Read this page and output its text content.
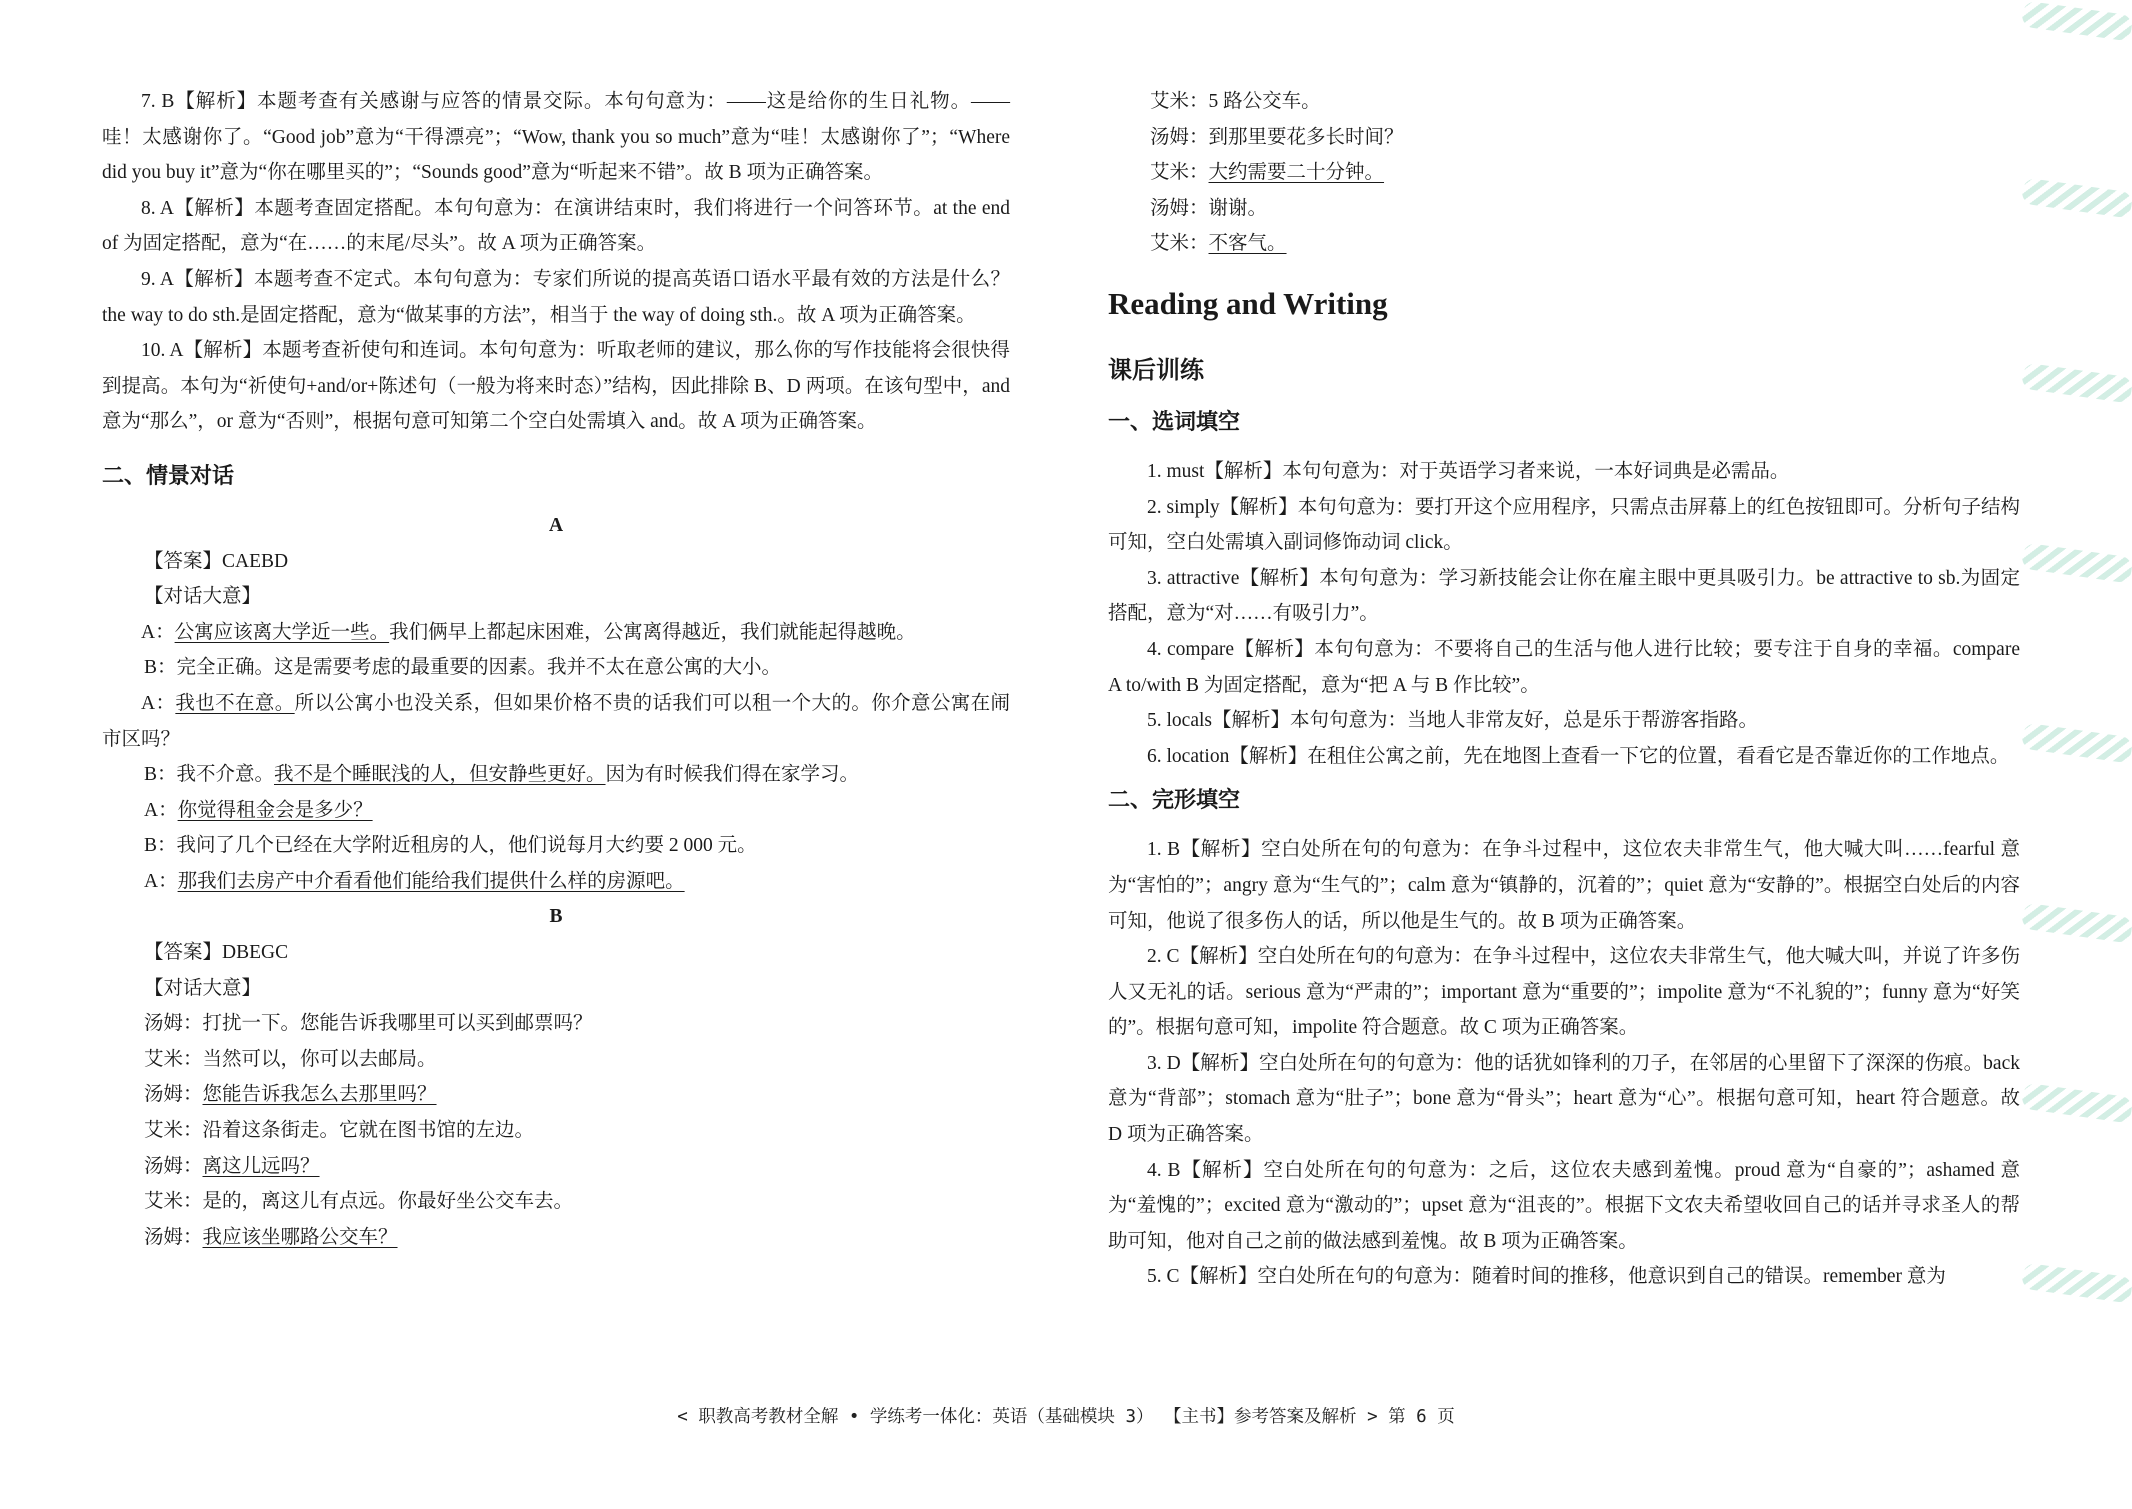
7. B【解析】本题考查有关感谢与应答的情景交际。本句句意为：——这是给你的生日礼物。——哇！太感谢你了。“Good job”意为“干得漂亮”；“Wow, thank you so much”意为“哇！太感谢你了”；“Where did you buy it”意为“你在哪里买的”；“Sounds good”意为“听起来不错”。故 B 项为正确答案。

8. A【解析】本题考查固定搭配。本句句意为：在演讲结束时，我们将进行一个问答环节。at the end of 为固定搭配，意为“在……的末尾/尽头”。故 A 项为正确答案。

9. A【解析】本题考查不定式。本句句意为：专家们所说的提高英语口语水平最有效的方法是什么？the way to do sth.是固定搭配，意为“做某事的方法”，相当于 the way of doing sth.。故 A 项为正确答案。

10. A【解析】本题考查祈使句和连词。本句句意为：听取老师的建议，那么你的写作技能将会很快得到提高。本句为“祈使句+and/or+陈述句（一般为将来时态）”结构，因此排除 B、D 两项。在该句型中，and 意为“那么”，or 意为“否则”，根据句意可知第二个空白处需填入 and。故 A 项为正确答案。

二、情景对话
A

【答案】CAEBD

【对话大意】

A：公寓应该离大学近一些。我们俩早上都起床困难，公寓离得越近，我们就能起得越晚。

B：完全正确。这是需要考虑的最重要的因素。我并不太在意公寓的大小。

A：我也不在意。所以公寓小也没关系，但如果价格不贵的话我们可以租一个大的。你介意公寓在闹市区吗？

B：我不介意。我不是个睡眠浅的人，但安静些更好。因为有时候我们得在家学习。

A：你觉得租金会是多少？

B：我问了几个已经在大学附近租房的人，他们说每月大约要 2 000 元。

A：那我们去房产中介看看他们能给我们提供什么样的房源吧。

B

【答案】DBEGC

【对话大意】

汤姆：打扰一下。您能告诉我哪里可以买到邮票吗？

艾米：当然可以，你可以去邮局。

汤姆：您能告诉我怎么去那里吗？

艾米：沿着这条街走。它就在图书馆的左边。

汤姆：离这儿远吗？

艾米：是的，离这儿有点远。你最好坐公交车去。

汤姆：我应该坐哪路公交车？

艾米：5 路公交车。

汤姆：到那里要花多长时间？

艾米：大约需要二十分钟。

汤姆：谢谢。

艾米：不客气。

Reading and Writing
课后训练
一、选词填空

1. must【解析】本句句意为：对于英语学习者来说，一本好词典是必需品。

2. simply【解析】本句句意为：要打开这个应用程序，只需点击屏幕上的红色按钮即可。分析句子结构可知，空白处需填入副词修饰动词 click。

3. attractive【解析】本句句意为：学习新技能会让你在雇主眼中更具吸引力。be attractive to sb.为固定搭配，意为“对……有吸引力”。

4. compare【解析】本句句意为：不要将自己的生活与他人进行比较；要专注于自身的幸福。compare A to/with B 为固定搭配，意为“把 A 与 B 作比较”。

5. locals【解析】本句句意为：当地人非常友好，总是乐于帮游客指路。

6. location【解析】在租住公寓之前，先在地图上查看一下它的位置，看看它是否靠近你的工作地点。

二、完形填空

1. B【解析】空白处所在句的句意为：在争斗过程中，这位农夫非常生气，他大喊大叫……fearful 意为“害怕的”；angry 意为“生气的”；calm 意为“镇静的，沉着的”；quiet 意为“安静的”。根据空白处后的内容可知，他说了很多伤人的话，所以他是生气的。故 B 项为正确答案。

2. C【解析】空白处所在句的句意为：在争斗过程中，这位农夫非常生气，他大喊大叫，并说了许多伤人又无礼的话。serious 意为“严肃的”；important 意为“重要的”；impolite 意为“不礼貌的”；funny 意为“好笑的”。根据句意可知，impolite 符合题意。故 C 项为正确答案。

3. D【解析】空白处所在句的句意为：他的话犹如锋利的刀子，在邻居的心里留下了深深的伤痕。back 意为“背部”；stomach 意为“肚子”；bone 意为“骨头”；heart 意为“心”。根据句意可知，heart 符合题意。故 D 项为正确答案。

4. B【解析】空白处所在句的句意为：之后，这位农夫感到羞愧。proud 意为“自豪的”；ashamed 意为“羞愧的”；excited 意为“激动的”；upset 意为“沮丧的”。根据下文农夫希望收回自己的话并寻求圣人的帮助可知，他对自己之前的做法感到羞愧。故 B 项为正确答案。

5. C【解析】空白处所在句的句意为：随着时间的推移，他意识到自己的错误。remember 意为

< 职教高考教材全解 • 学练考一体化：英语（基础模块 3） 【主书】参考答案及解析 > 第 6 页
